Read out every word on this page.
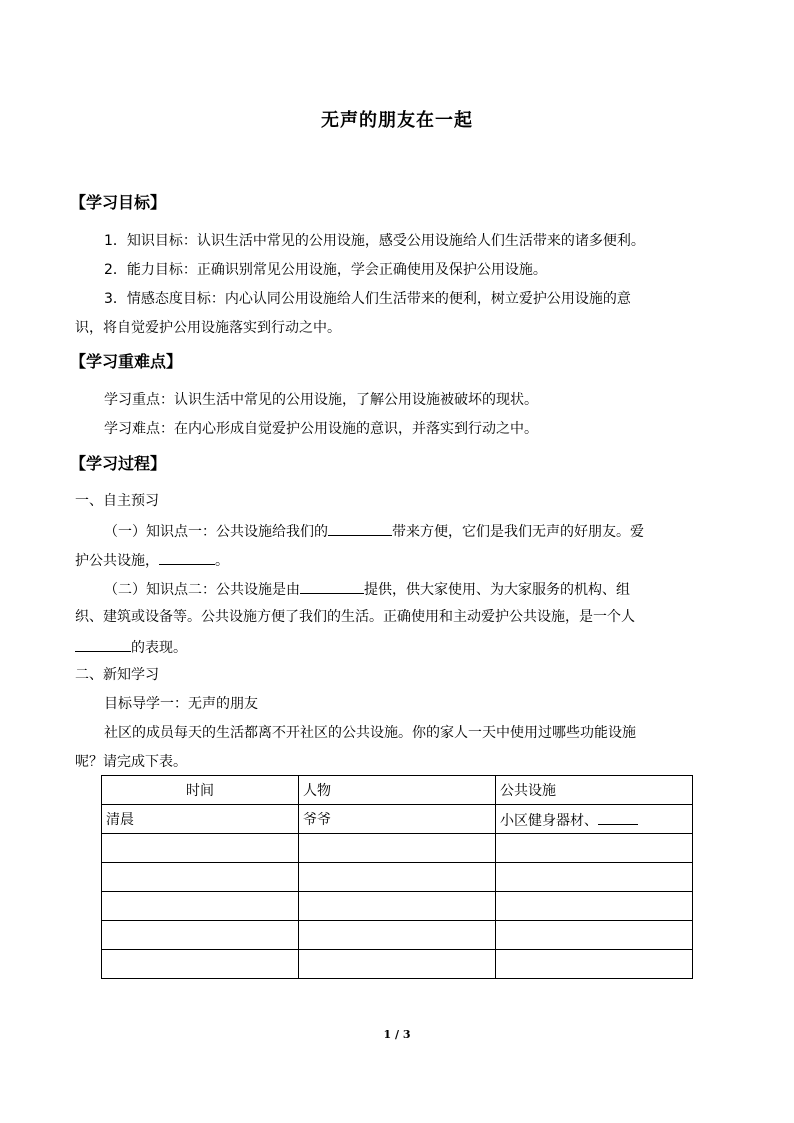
无声的朋友在一起
【学习目标】
1．知识目标：认识生活中常见的公用设施，感受公用设施给人们生活带来的诸多便利。
2．能力目标：正确识别常见公用设施，学会正确使用及保护公用设施。
3．情感态度目标：内心认同公用设施给人们生活带来的便利，树立爱护公用设施的意
识，将自觉爱护公用设施落实到行动之中。
【学习重难点】
学习重点：认识生活中常见的公用设施，了解公用设施被破坏的现状。
学习难点：在内心形成自觉爱护公用设施的意识，并落实到行动之中。
【学习过程】
一、自主预习
（一）知识点一：公共设施给我们的	带来方便，它们是我们无声的好朋友。爱
护公共设施，	。
（二）知识点二：公共设施是由	提供，供大家使用、为大家服务的机构、组
织、建筑或设备等。公共设施方便了我们的生活。正确使用和主动爱护公共设施，是一个人
的表现。
二、新知学习
目标导学一：无声的朋友
社区的成员每天的生活都离不开社区的公共设施。你的家人一天中使用过哪些功能设施
呢？请完成下表。
时间	人物	公共设施
清晨	爷爷	小区健身器材、

1 / 3
